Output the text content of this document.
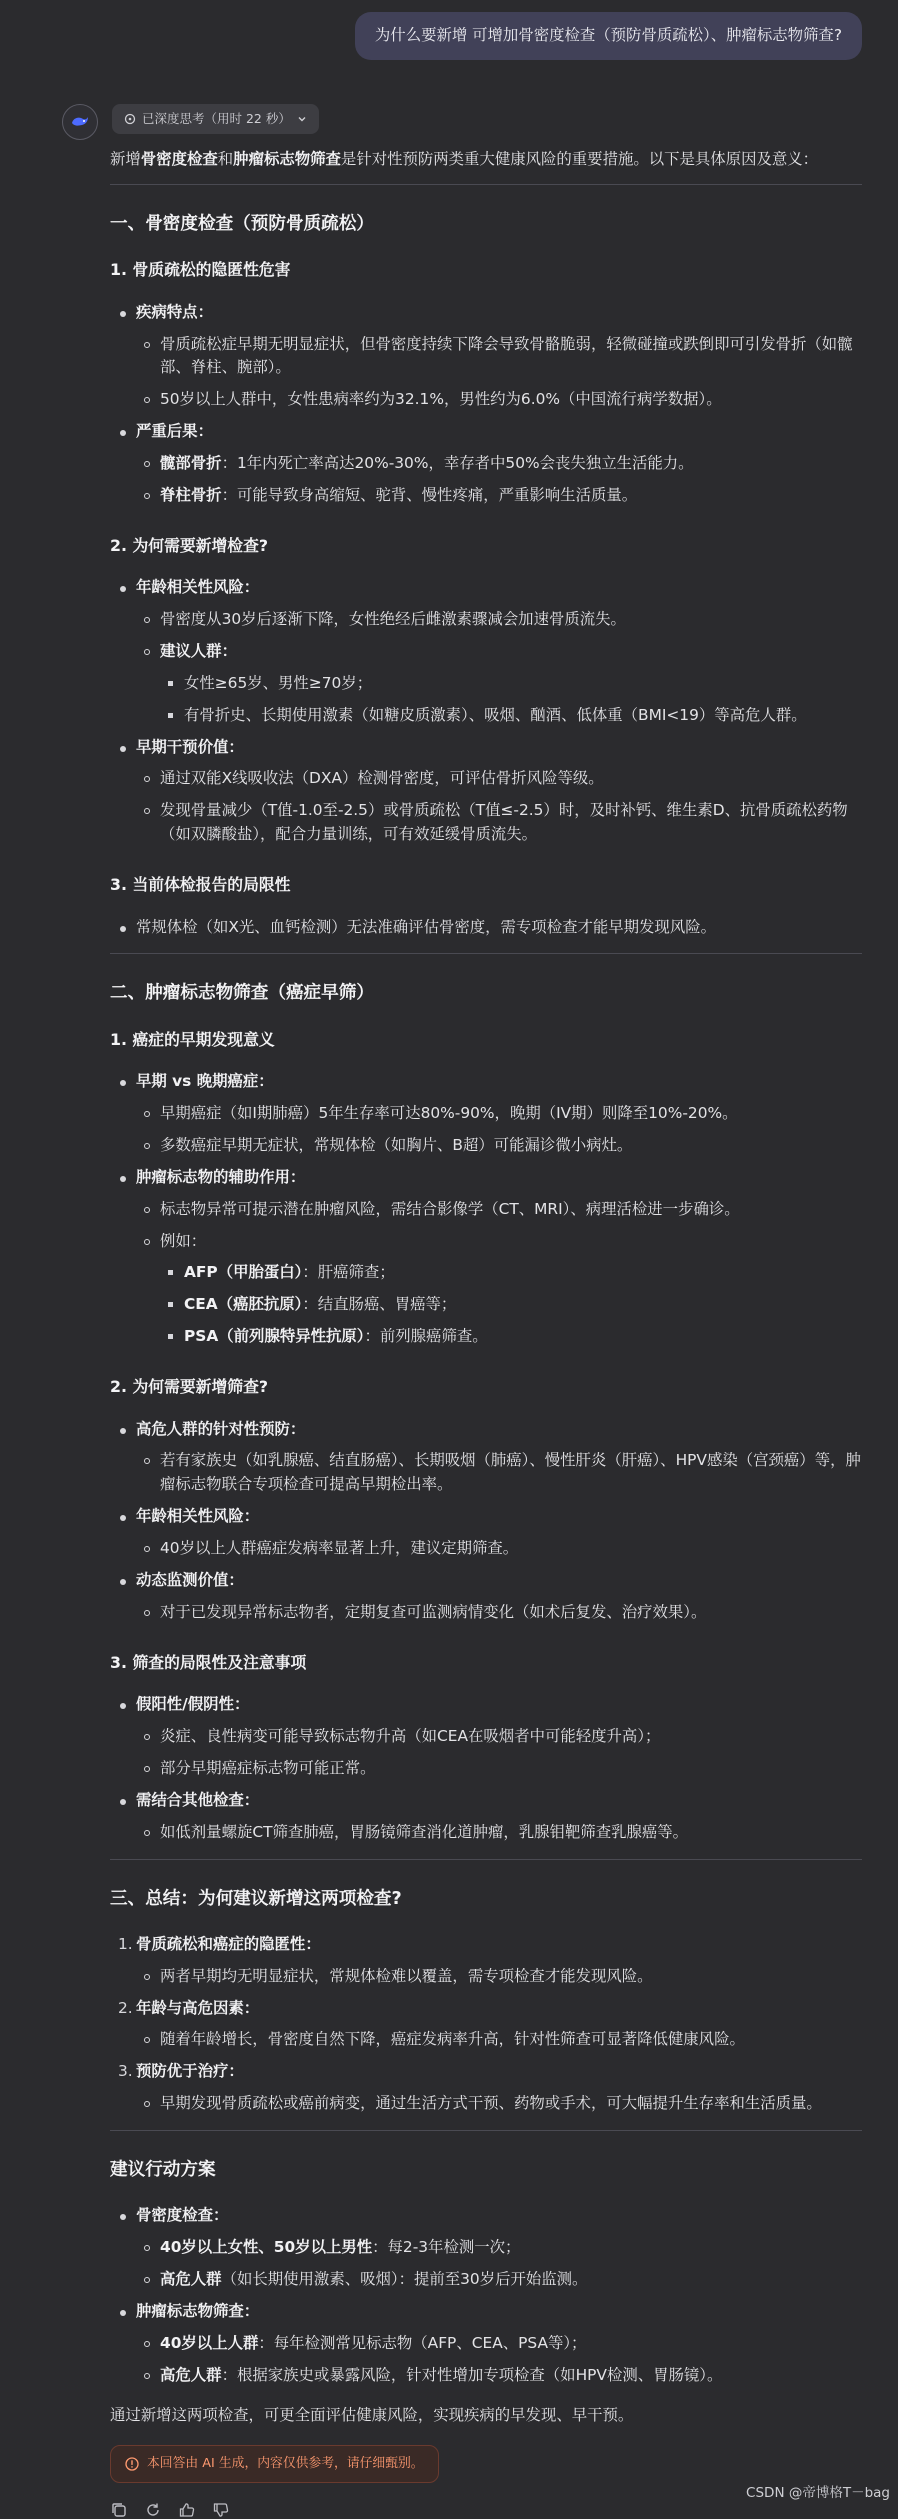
为什么要新增 可增加骨密度检查（预防骨质疏松）、肿瘤标志物筛查?
已深度思考（用时 22 秒）

新增骨密度检查和肿瘤标志物筛查是针对性预防两类重大健康风险的重要措施。以下是具体原因及意义：

一、骨密度检查（预防骨质疏松）
1. 骨质疏松的隐匿性危害
疾病特点：
骨质疏松症早期无明显症状，但骨密度持续下降会导致骨骼脆弱，轻微碰撞或跌倒即可引发骨折（如髋部、脊柱、腕部）。
50岁以上人群中，女性患病率约为32.1%，男性约为6.0%（中国流行病学数据）。
严重后果：
髋部骨折：1年内死亡率高达20%-30%，幸存者中50%会丧失独立生活能力。
脊柱骨折：可能导致身高缩短、驼背、慢性疼痛，严重影响生活质量。
2. 为何需要新增检查?
年龄相关性风险：
骨密度从30岁后逐渐下降，女性绝经后雌激素骤减会加速骨质流失。
建议人群：
女性≥65岁、男性≥70岁；
有骨折史、长期使用激素（如糖皮质激素）、吸烟、酗酒、低体重（BMI<19）等高危人群。
早期干预价值：
通过双能X线吸收法（DXA）检测骨密度，可评估骨折风险等级。
发现骨量减少（T值-1.0至-2.5）或骨质疏松（T值≤-2.5）时，及时补钙、维生素D、抗骨质疏松药物（如双膦酸盐），配合力量训练，可有效延缓骨质流失。
3. 当前体检报告的局限性
常规体检（如X光、血钙检测）无法准确评估骨密度，需专项检查才能早期发现风险。
二、肿瘤标志物筛查（癌症早筛）
1. 癌症的早期发现意义
早期 vs 晚期癌症：
早期癌症（如I期肺癌）5年生存率可达80%-90%，晚期（IV期）则降至10%-20%。
多数癌症早期无症状，常规体检（如胸片、B超）可能漏诊微小病灶。
肿瘤标志物的辅助作用：
标志物异常可提示潜在肿瘤风险，需结合影像学（CT、MRI）、病理活检进一步确诊。
例如：
AFP（甲胎蛋白）：肝癌筛查；
CEA（癌胚抗原）：结直肠癌、胃癌等；
PSA（前列腺特异性抗原）：前列腺癌筛查。
2. 为何需要新增筛查?
高危人群的针对性预防：
若有家族史（如乳腺癌、结直肠癌）、长期吸烟（肺癌）、慢性肝炎（肝癌）、HPV感染（宫颈癌）等，肿瘤标志物联合专项检查可提高早期检出率。
年龄相关性风险：
40岁以上人群癌症发病率显著上升，建议定期筛查。
动态监测价值：
对于已发现异常标志物者，定期复查可监测病情变化（如术后复发、治疗效果）。
3. 筛查的局限性及注意事项
假阳性/假阴性：
炎症、良性病变可能导致标志物升高（如CEA在吸烟者中可能轻度升高）；
部分早期癌症标志物可能正常。
需结合其他检查：
如低剂量螺旋CT筛查肺癌，胃肠镜筛查消化道肿瘤，乳腺钼靶筛查乳腺癌等。
三、总结：为何建议新增这两项检查?
1. 骨质疏松和癌症的隐匿性：
两者早期均无明显症状，常规体检难以覆盖，需专项检查才能发现风险。
2. 年龄与高危因素：
随着年龄增长，骨密度自然下降，癌症发病率升高，针对性筛查可显著降低健康风险。
3. 预防优于治疗：
早期发现骨质疏松或癌前病变，通过生活方式干预、药物或手术，可大幅提升生存率和生活质量。
建议行动方案
骨密度检查：
40岁以上女性、50岁以上男性：每2-3年检测一次；
高危人群（如长期使用激素、吸烟）：提前至30岁后开始监测。
肿瘤标志物筛查：
40岁以上人群：每年检测常见标志物（AFP、CEA、PSA等）；
高危人群：根据家族史或暴露风险，针对性增加专项检查（如HPV检测、胃肠镜）。

通过新增这两项检查，可更全面评估健康风险，实现疾病的早发现、早干预。

本回答由 AI 生成，内容仅供参考，请仔细甄别。
CSDN @帝博格T－bag
